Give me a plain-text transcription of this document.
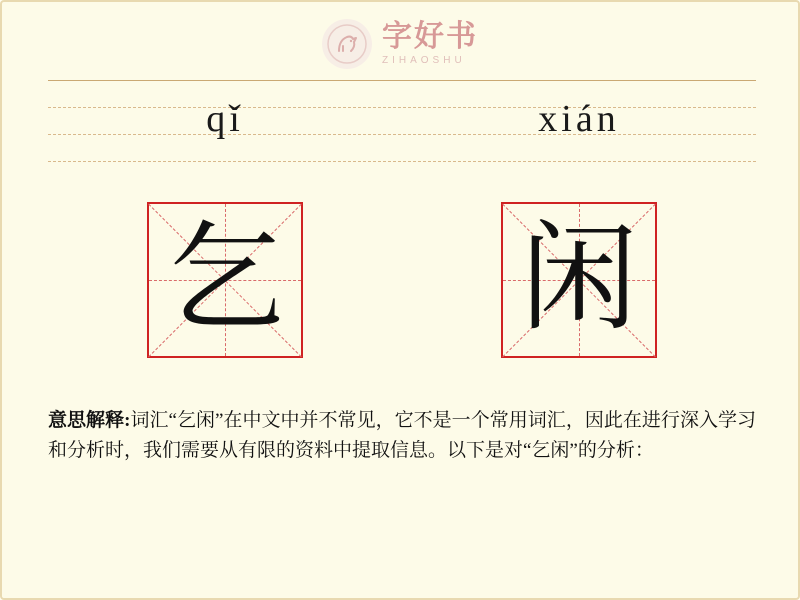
字好书
ZIHAOSHU
qǐ	xián
乞 闲
意思解释:词汇“乞闲”在中文中并不常见，它不是一个常用词汇，因此在进行深入学习和分析时，我们需要从有限的资料中提取信息。以下是对“乞闲”的分析：
